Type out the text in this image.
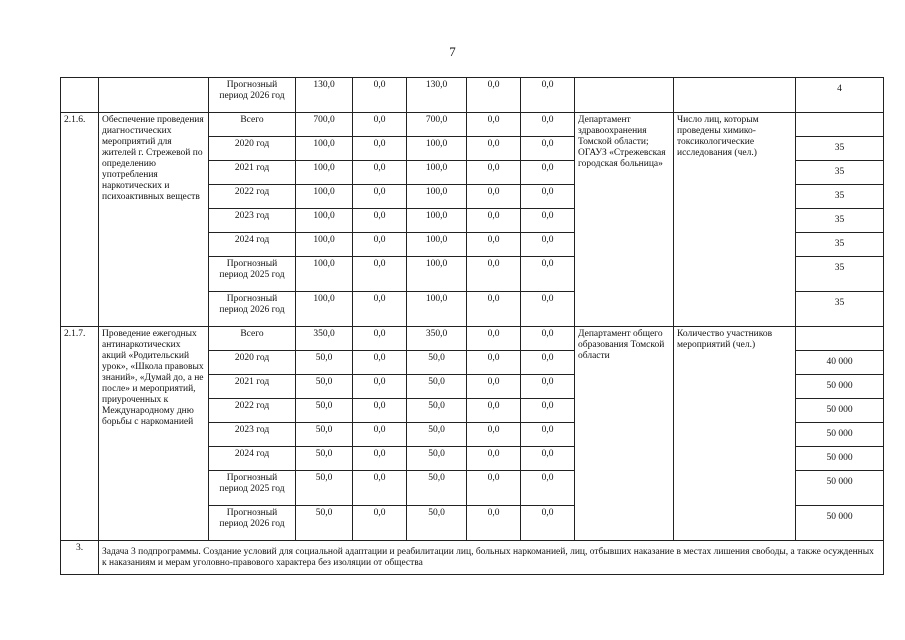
7
		Прогнозный период 2026 год	130,0	0,0	130,0	0,0	0,0			4
2.1.6.	Обеспечение проведения диагностических мероприятий для жителей г. Стрежевой по определению употребления наркотических и психоактивных веществ	Всего	700,0	0,0	700,0	0,0	0,0	Департамент здравоохранения Томской области; ОГАУЗ «Стрежевская городская больница»	Число лиц, которым проведены химико-токсикологические исследования (чел.)	
		2020 год	100,0	0,0	100,0	0,0	0,0			35
		2021 год	100,0	0,0	100,0	0,0	0,0			35
		2022 год	100,0	0,0	100,0	0,0	0,0			35
		2023 год	100,0	0,0	100,0	0,0	0,0			35
		2024 год	100,0	0,0	100,0	0,0	0,0			35
		Прогнозный период 2025 год	100,0	0,0	100,0	0,0	0,0			35
		Прогнозный период 2026 год	100,0	0,0	100,0	0,0	0,0			35
2.1.7.	Проведение ежегодных антинаркотических акций «Родительский урок», «Школа правовых знаний», «Думай до, а не после» и мероприятий, приуроченных к Международному дню борьбы с наркоманией	Всего	350,0	0,0	350,0	0,0	0,0	Департамент общего образования Томской области	Количество участников мероприятий (чел.)	
		2020 год	50,0	0,0	50,0	0,0	0,0			40 000
		2021 год	50,0	0,0	50,0	0,0	0,0			50 000
		2022 год	50,0	0,0	50,0	0,0	0,0			50 000
		2023 год	50,0	0,0	50,0	0,0	0,0			50 000
		2024 год	50,0	0,0	50,0	0,0	0,0			50 000
		Прогнозный период 2025 год	50,0	0,0	50,0	0,0	0,0			50 000
		Прогнозный период 2026 год	50,0	0,0	50,0	0,0	0,0			50 000
3.	Задача 3 подпрограммы. Создание условий для социальной адаптации и реабилитации лиц, больных наркоманией, лиц, отбывших наказание в местах лишения свободы, а также осужденных к наказаниям и мерам уголовно-правового характера без изоляции от общества									
